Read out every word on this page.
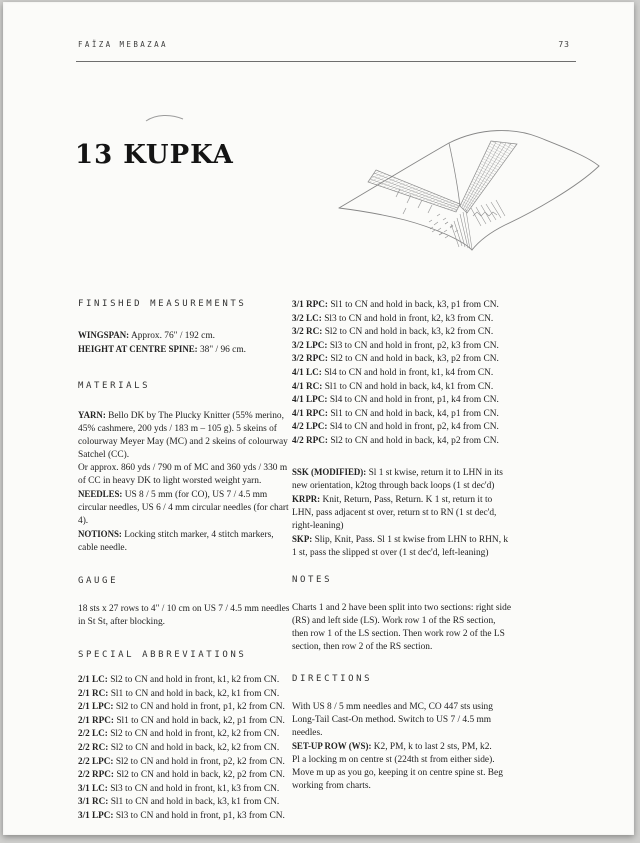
FAÏZA MEBAZAA	73
13 KUPKA
FINISHED MEASUREMENTS
WINGSPAN: Approx. 76" / 192 cm.
HEIGHT AT CENTRE SPINE: 38" / 96 cm.
MATERIALS
YARN: Bello DK by The Plucky Knitter (55% merino, 45% cashmere, 200 yds / 183 m – 105 g). 5 skeins of colourway Meyer May (MC) and 2 skeins of colourway Satchel (CC).
Or approx. 860 yds / 790 m of MC and 360 yds / 330 m of CC in heavy DK to light worsted weight yarn.
NEEDLES: US 8 / 5 mm (for CO), US 7 / 4.5 mm circular needles, US 6 / 4 mm circular needles (for chart 4).
NOTIONS: Locking stitch marker, 4 stitch markers, cable needle.
GAUGE
18 sts x 27 rows to 4" / 10 cm on US 7 / 4.5 mm needles in St St, after blocking.
SPECIAL ABBREVIATIONS
2/1 LC: Sl2 to CN and hold in front, k1, k2 from CN.
2/1 RC: Sl1 to CN and hold in back, k2, k1 from CN.
2/1 LPC: Sl2 to CN and hold in front, p1, k2 from CN.
2/1 RPC: Sl1 to CN and hold in back, k2, p1 from CN.
2/2 LC: Sl2 to CN and hold in front, k2, k2 from CN.
2/2 RC: Sl2 to CN and hold in back, k2, k2 from CN.
2/2 LPC: Sl2 to CN and hold in front, p2, k2 from CN.
2/2 RPC: Sl2 to CN and hold in back, k2, p2 from CN.
3/1 LC: Sl3 to CN and hold in front, k1, k3 from CN.
3/1 RC: Sl1 to CN and hold in back, k3, k1 from CN.
3/1 LPC: Sl3 to CN and hold in front, p1, k3 from CN.
3/1 RPC: Sl1 to CN and hold in back, k3, p1 from CN.
3/2 LC: Sl3 to CN and hold in front, k2, k3 from CN.
3/2 RC: Sl2 to CN and hold in back, k3, k2 from CN.
3/2 LPC: Sl3 to CN and hold in front, p2, k3 from CN.
3/2 RPC: Sl2 to CN and hold in back, k3, p2 from CN.
4/1 LC: Sl4 to CN and hold in front, k1, k4 from CN.
4/1 RC: Sl1 to CN and hold in back, k4, k1 from CN.
4/1 LPC: Sl4 to CN and hold in front, p1, k4 from CN.
4/1 RPC: Sl1 to CN and hold in back, k4, p1 from CN.
4/2 LPC: Sl4 to CN and hold in front, p2, k4 from CN.
4/2 RPC: Sl2 to CN and hold in back, k4, p2 from CN.
SSK (MODIFIED): Sl 1 st kwise, return it to LHN in its new orientation, k2tog through back loops (1 st dec'd)
KRPR: Knit, Return, Pass, Return. K 1 st, return it to LHN, pass adjacent st over, return st to RN (1 st dec'd, right-leaning)
SKP: Slip, Knit, Pass. Sl 1 st kwise from LHN to RHN, k 1 st, pass the slipped st over (1 st dec'd, left-leaning)
NOTES
Charts 1 and 2 have been split into two sections: right side (RS) and left side (LS). Work row 1 of the RS section, then row 1 of the LS section. Then work row 2 of the LS section, then row 2 of the RS section.
DIRECTIONS
With US 8 / 5 mm needles and MC, CO 447 sts using Long-Tail Cast-On method. Switch to US 7 / 4.5 mm needles.
SET-UP ROW (WS): K2, PM, k to last 2 sts, PM, k2.
Pl a locking m on centre st (224th st from either side). Move m up as you go, keeping it on centre spine st. Beg working from charts.
